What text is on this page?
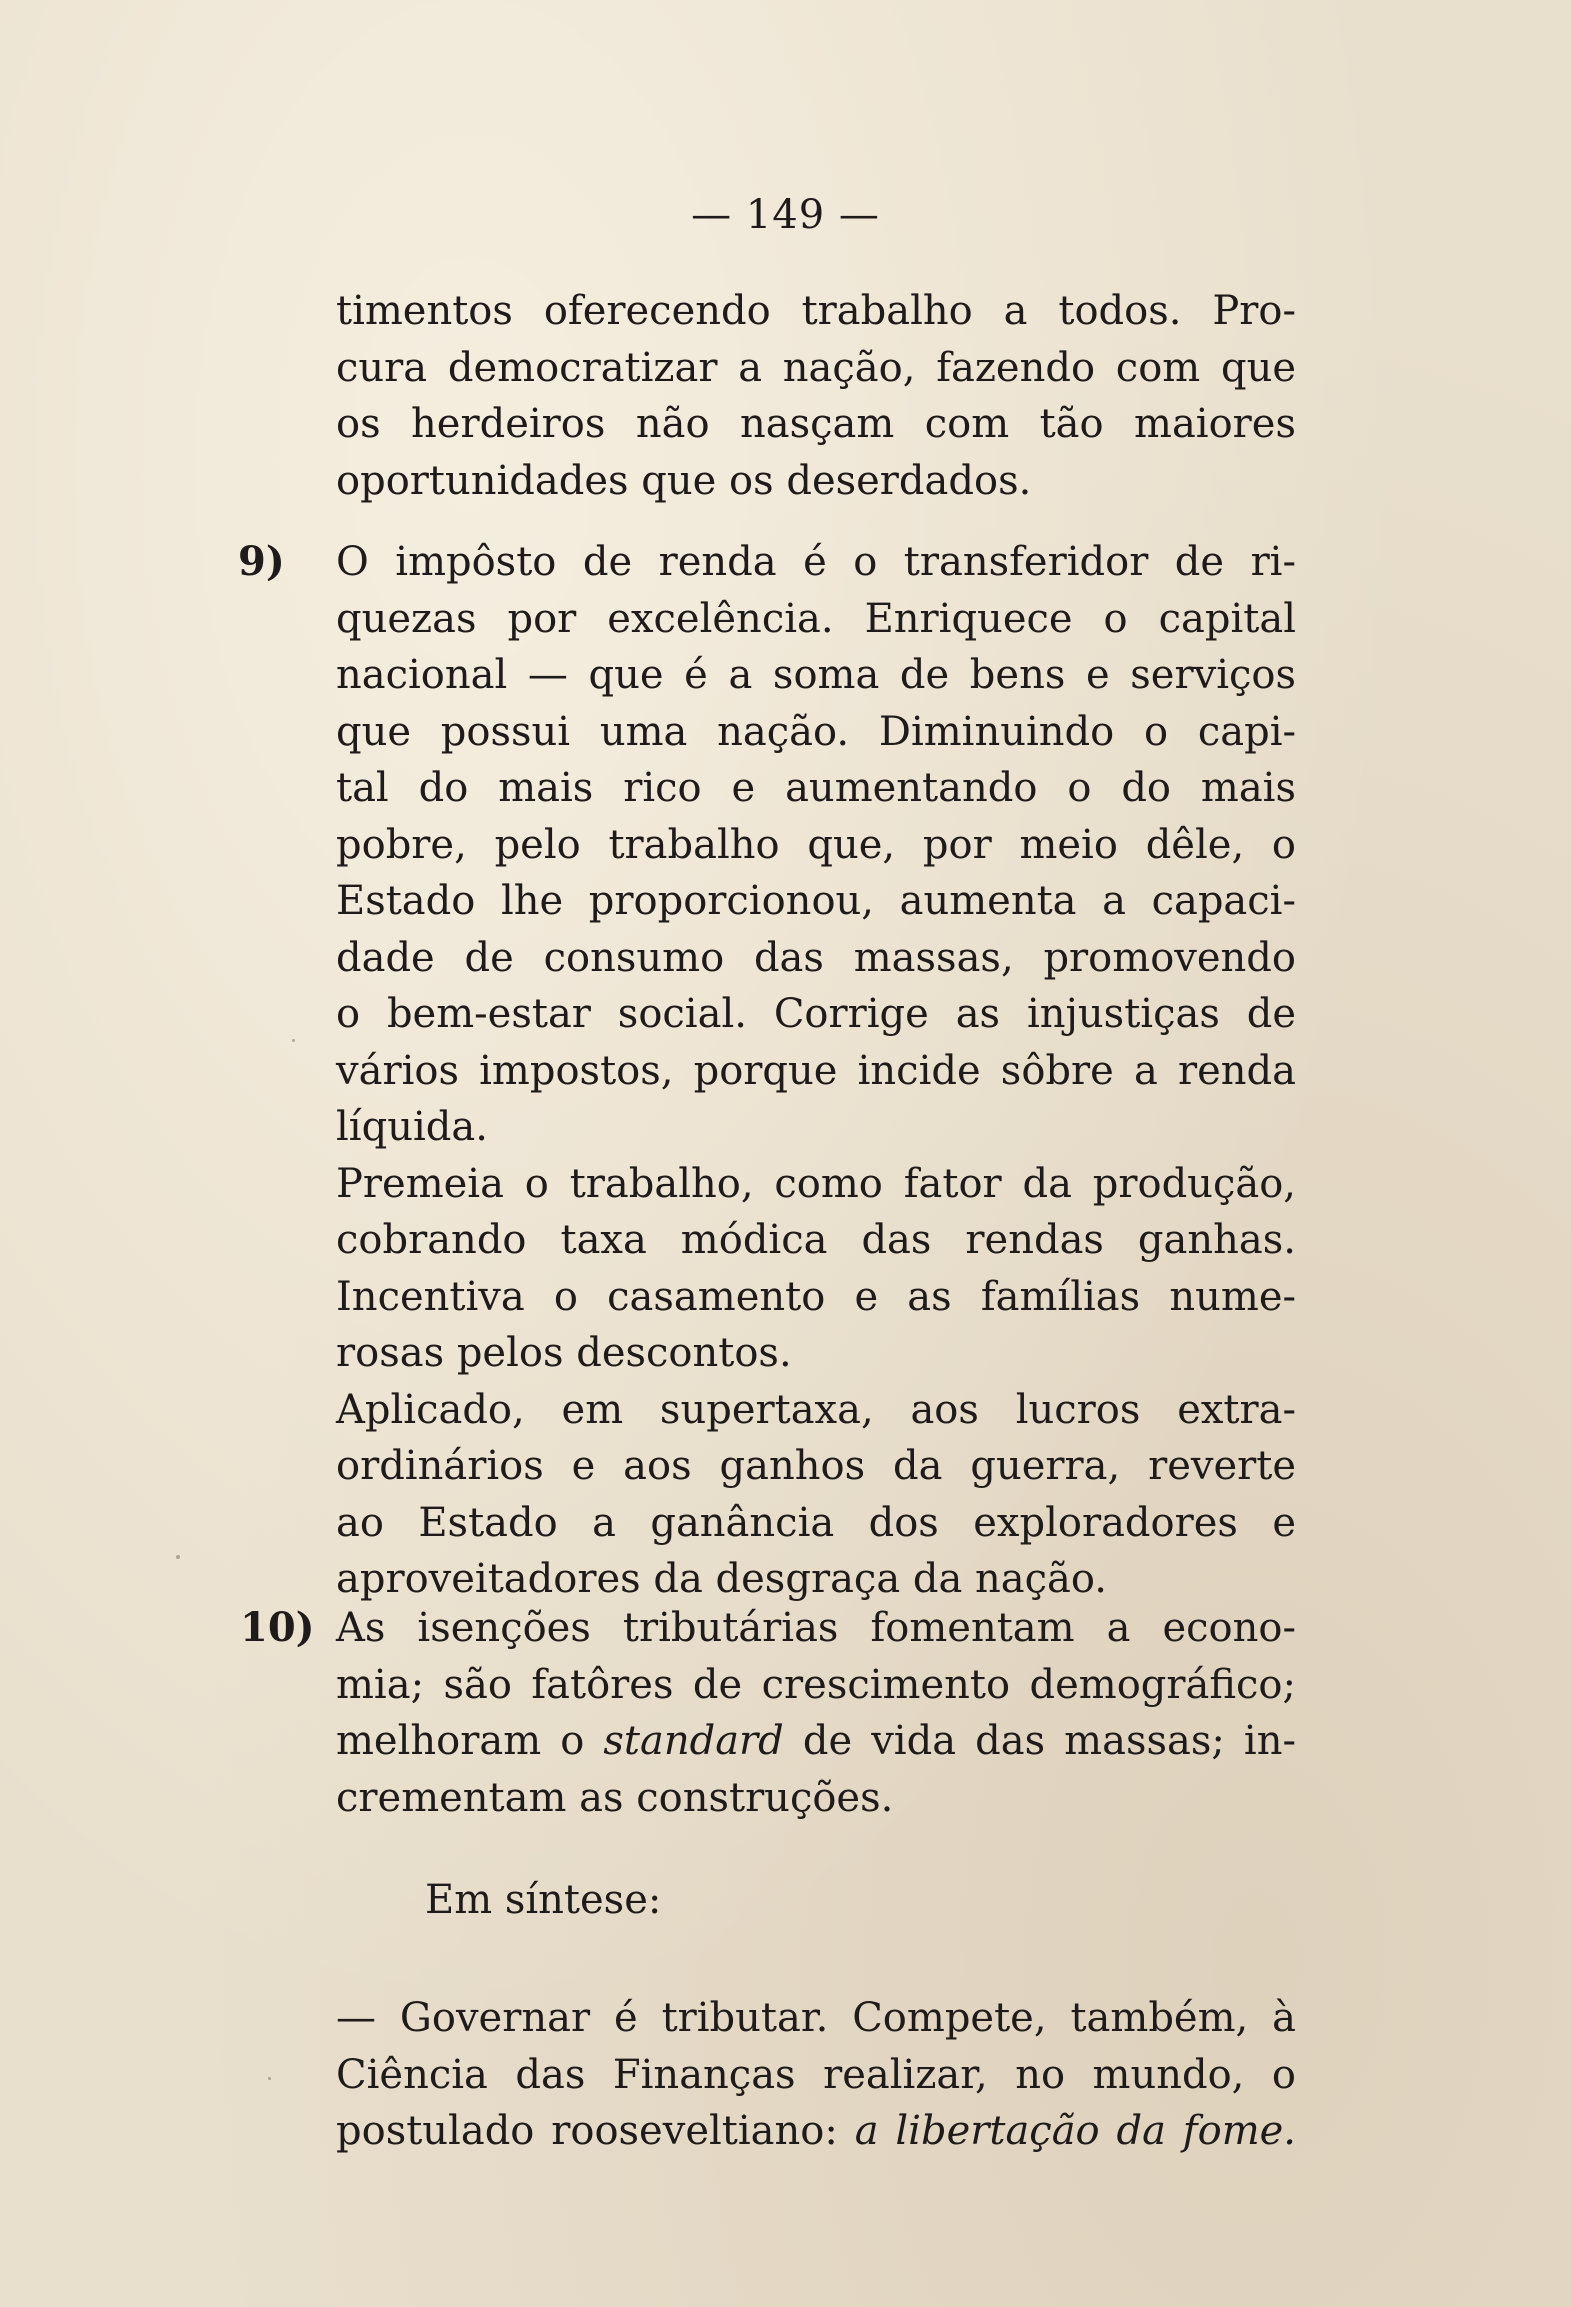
— 149 —
timentos oferecendo trabalho a todos. Pro-
cura democratizar a nação, fazendo com que
os herdeiros não nasçam com tão maiores
oportunidades que os deserdados.
9) O impôsto de renda é o transferidor de ri-
quezas por excelência. Enriquece o capital
nacional — que é a soma de bens e serviços
que possui uma nação. Diminuindo o capi-
tal do mais rico e aumentando o do mais
pobre, pelo trabalho que, por meio dêle, o
Estado lhe proporcionou, aumenta a capaci-
dade de consumo das massas, promovendo
o bem-estar social. Corrige as injustiças de
vários impostos, porque incide sôbre a renda
líquida.
Premeia o trabalho, como fator da produção,
cobrando taxa módica das rendas ganhas.
Incentiva o casamento e as famílias nume-
rosas pelos descontos.
Aplicado, em supertaxa, aos lucros extra-
ordinários e aos ganhos da guerra, reverte
ao Estado a ganância dos exploradores e
aproveitadores da desgraça da nação.
10) As isenções tributárias fomentam a econo-
mia; são fatôres de crescimento demográfico;
melhoram o standard de vida das massas; in-
crementam as construções.
Em síntese:
— Governar é tributar. Compete, também, à
Ciência das Finanças realizar, no mundo, o
postulado rooseveltiano: a libertação da fome.
